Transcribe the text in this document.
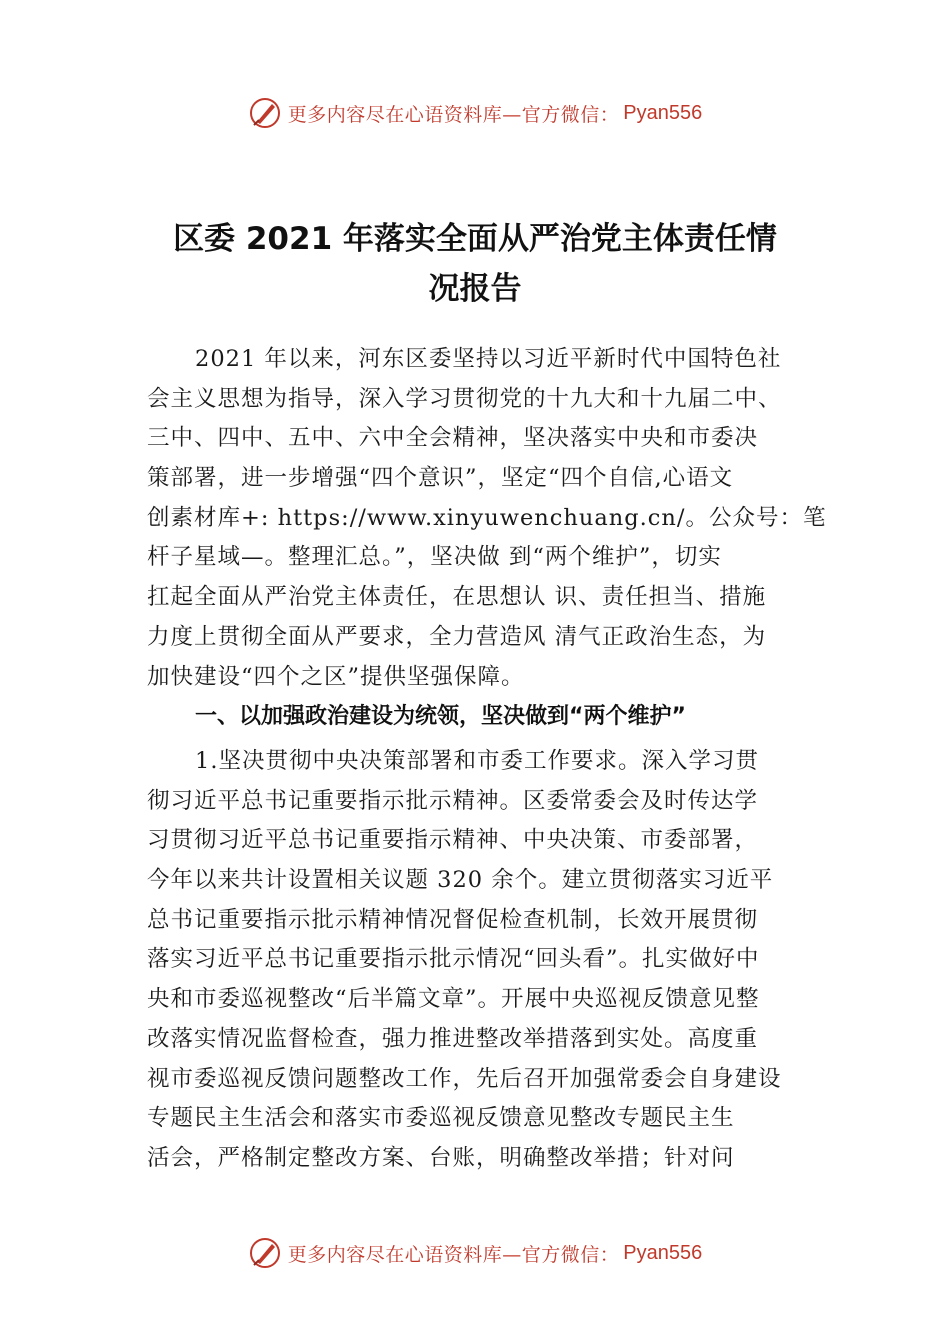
更多内容尽在心语资料库—官方微信： Pyan556
区委 2021 年落实全面从严治党主体责任情
况报告
2021 年以来，河东区委坚持以习近平新时代中国特色社
会主义思想为指导，深入学习贯彻党的十九大和十九届二中、
三中、四中、五中、六中全会精神，坚决落实中央和市委决
策部署，进一步增强“四个意识”，坚定“四个自信,心语文
创素材库+: https://www.xinyuwenchuang.cn/。公众号：笔
杆子星域—。整理汇总。”，坚决做 到“两个维护”，切实
扛起全面从严治党主体责任，在思想认 识、责任担当、措施
力度上贯彻全面从严要求，全力营造风 清气正政治生态，为
加快建设“四个之区”提供坚强保障。
一、以加强政治建设为统领，坚决做到“两个维护”
1.坚决贯彻中央决策部署和市委工作要求。深入学习贯
彻习近平总书记重要指示批示精神。区委常委会及时传达学
习贯彻习近平总书记重要指示精神、中央决策、市委部署，
今年以来共计设置相关议题 320 余个。建立贯彻落实习近平
总书记重要指示批示精神情况督促检查机制，长效开展贯彻
落实习近平总书记重要指示批示情况“回头看”。扎实做好中
央和市委巡视整改“后半篇文章”。开展中央巡视反馈意见整
改落实情况监督检查，强力推进整改举措落到实处。高度重
视市委巡视反馈问题整改工作，先后召开加强常委会自身建设
专题民主生活会和落实市委巡视反馈意见整改专题民主生
活会，严格制定整改方案、台账，明确整改举措；针对问
更多内容尽在心语资料库—官方微信： Pyan556
